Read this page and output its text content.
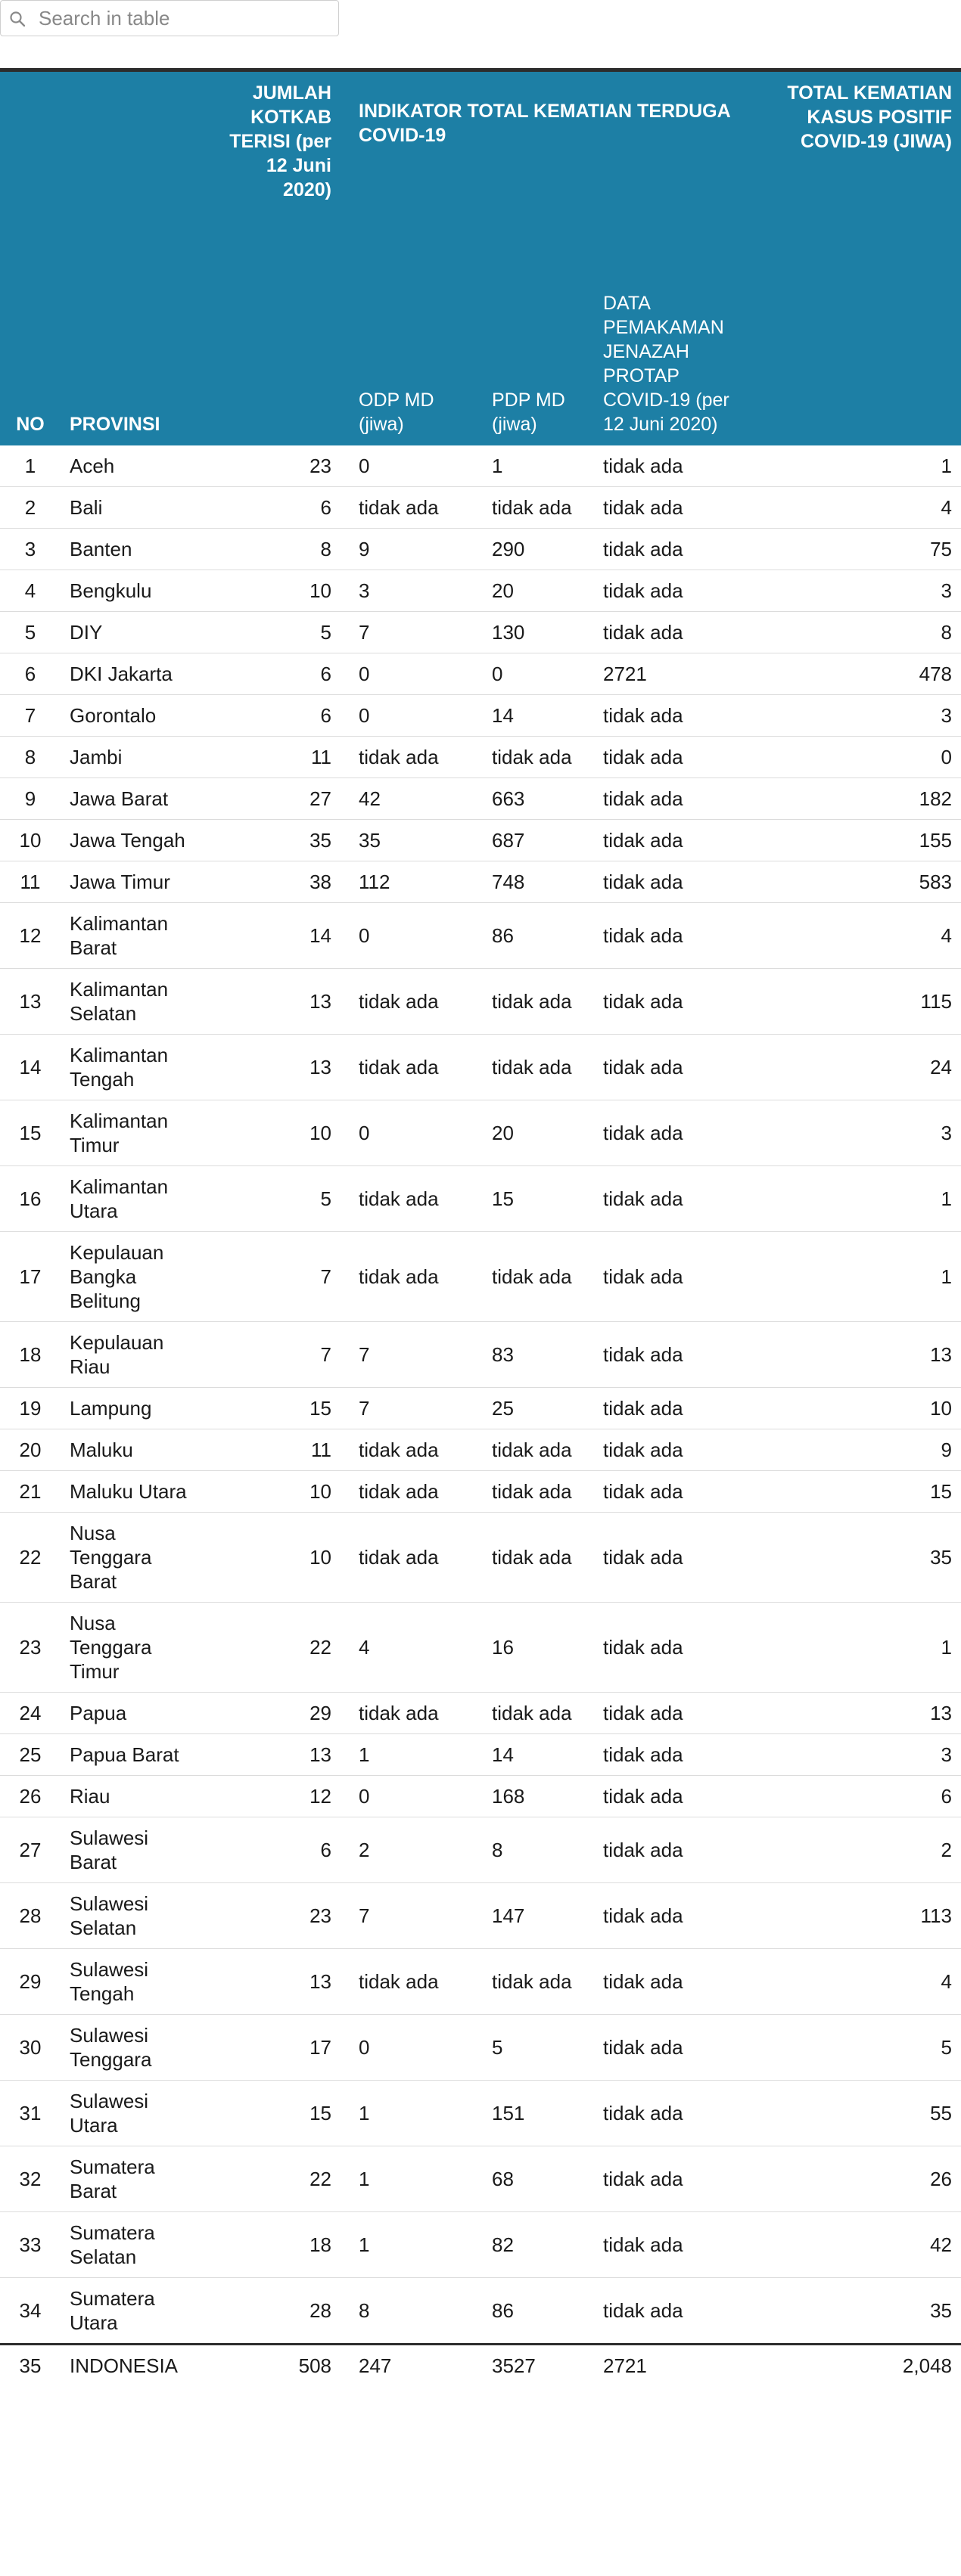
Search in table
NO	PROVINSI	JUMLAH KOTKAB TERISI (per 12 Juni 2020)	INDIKATOR TOTAL KEMATIAN TERDUGA COVID-19			TOTAL KEMATIAN KASUS POSITIF COVID-19 (JIWA)
			ODP MD (jiwa)	PDP MD (jiwa)	DATA PEMAKAMAN JENAZAH PROTAP COVID-19 (per 12 Juni 2020)	
1	Aceh	23	0	1	tidak ada	1
2	Bali	6	tidak ada	tidak ada	tidak ada	4
3	Banten	8	9	290	tidak ada	75
4	Bengkulu	10	3	20	tidak ada	3
5	DIY	5	7	130	tidak ada	8
6	DKI Jakarta	6	0	0	2721	478
7	Gorontalo	6	0	14	tidak ada	3
8	Jambi	11	tidak ada	tidak ada	tidak ada	0
9	Jawa Barat	27	42	663	tidak ada	182
10	Jawa Tengah	35	35	687	tidak ada	155
11	Jawa Timur	38	112	748	tidak ada	583
12	Kalimantan Barat	14	0	86	tidak ada	4
13	Kalimantan Selatan	13	tidak ada	tidak ada	tidak ada	115
14	Kalimantan Tengah	13	tidak ada	tidak ada	tidak ada	24
15	Kalimantan Timur	10	0	20	tidak ada	3
16	Kalimantan Utara	5	tidak ada	15	tidak ada	1
17	Kepulauan Bangka Belitung	7	tidak ada	tidak ada	tidak ada	1
18	Kepulauan Riau	7	7	83	tidak ada	13
19	Lampung	15	7	25	tidak ada	10
20	Maluku	11	tidak ada	tidak ada	tidak ada	9
21	Maluku Utara	10	tidak ada	tidak ada	tidak ada	15
22	Nusa Tenggara Barat	10	tidak ada	tidak ada	tidak ada	35
23	Nusa Tenggara Timur	22	4	16	tidak ada	1
24	Papua	29	tidak ada	tidak ada	tidak ada	13
25	Papua Barat	13	1	14	tidak ada	3
26	Riau	12	0	168	tidak ada	6
27	Sulawesi Barat	6	2	8	tidak ada	2
28	Sulawesi Selatan	23	7	147	tidak ada	113
29	Sulawesi Tengah	13	tidak ada	tidak ada	tidak ada	4
30	Sulawesi Tenggara	17	0	5	tidak ada	5
31	Sulawesi Utara	15	1	151	tidak ada	55
32	Sumatera Barat	22	1	68	tidak ada	26
33	Sumatera Selatan	18	1	82	tidak ada	42
34	Sumatera Utara	28	8	86	tidak ada	35
35	INDONESIA	508	247	3527	2721	2,048
